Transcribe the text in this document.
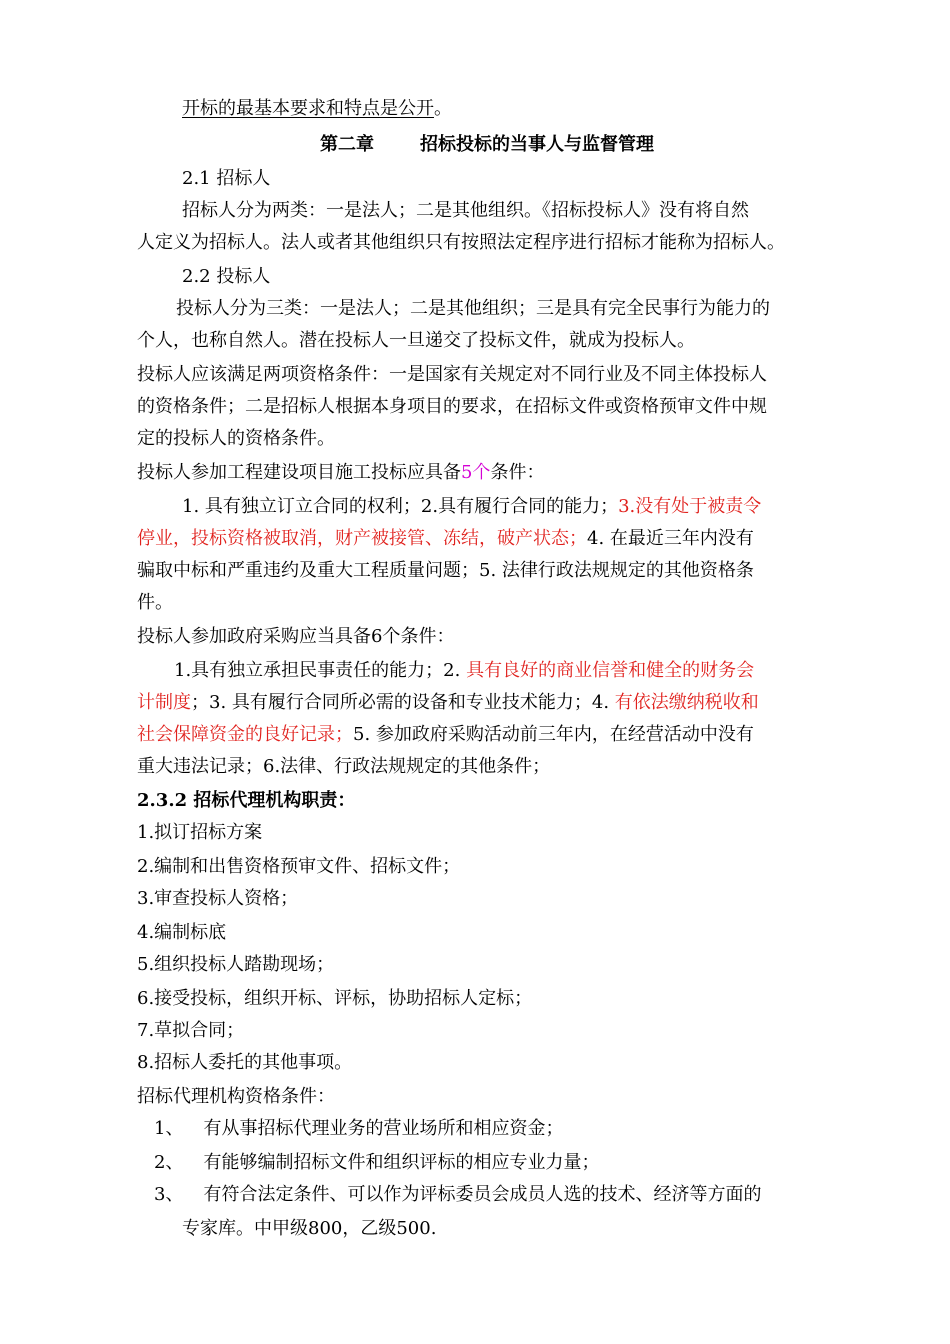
开标的最基本要求和特点是公开。
第二章	招标投标的当事人与监督管理
2.1 招标人
招标人分为两类：一是法人；二是其他组织。《招标投标人》没有将自然
人定义为招标人。法人或者其他组织只有按照法定程序进行招标才能称为招标人。
2.2 投标人
投标人分为三类：一是法人；二是其他组织；三是具有完全民事行为能力的
个人，也称自然人。潜在投标人一旦递交了投标文件，就成为投标人。
投标人应该满足两项资格条件：一是国家有关规定对不同行业及不同主体投标人
的资格条件；二是招标人根据本身项目的要求，在招标文件或资格预审文件中规
定的投标人的资格条件。
投标人参加工程建设项目施工投标应具备5个条件：
1. 具有独立订立合同的权利；2.具有履行合同的能力；3.没有处于被责令
停业，投标资格被取消，财产被接管、冻结，破产状态；4. 在最近三年内没有
骗取中标和严重违约及重大工程质量问题；5. 法律行政法规规定的其他资格条
件。
投标人参加政府采购应当具备6个条件：
1.具有独立承担民事责任的能力；2. 具有良好的商业信誉和健全的财务会
计制度；3. 具有履行合同所必需的设备和专业技术能力；4. 有依法缴纳税收和
社会保障资金的良好记录；5. 参加政府采购活动前三年内，在经营活动中没有
重大违法记录；6.法律、行政法规规定的其他条件；
2.3.2 招标代理机构职责：
1.拟订招标方案
2.编制和出售资格预审文件、招标文件；
3.审查投标人资格；
4.编制标底
5.组织投标人踏勘现场；
6.接受投标，组织开标、评标，协助招标人定标；
7.草拟合同；
8.招标人委托的其他事项。
招标代理机构资格条件：
1、 有从事招标代理业务的营业场所和相应资金；
2、 有能够编制招标文件和组织评标的相应专业力量；
3、 有符合法定条件、可以作为评标委员会成员人选的技术、经济等方面的
专家库。中甲级800，乙级500.
